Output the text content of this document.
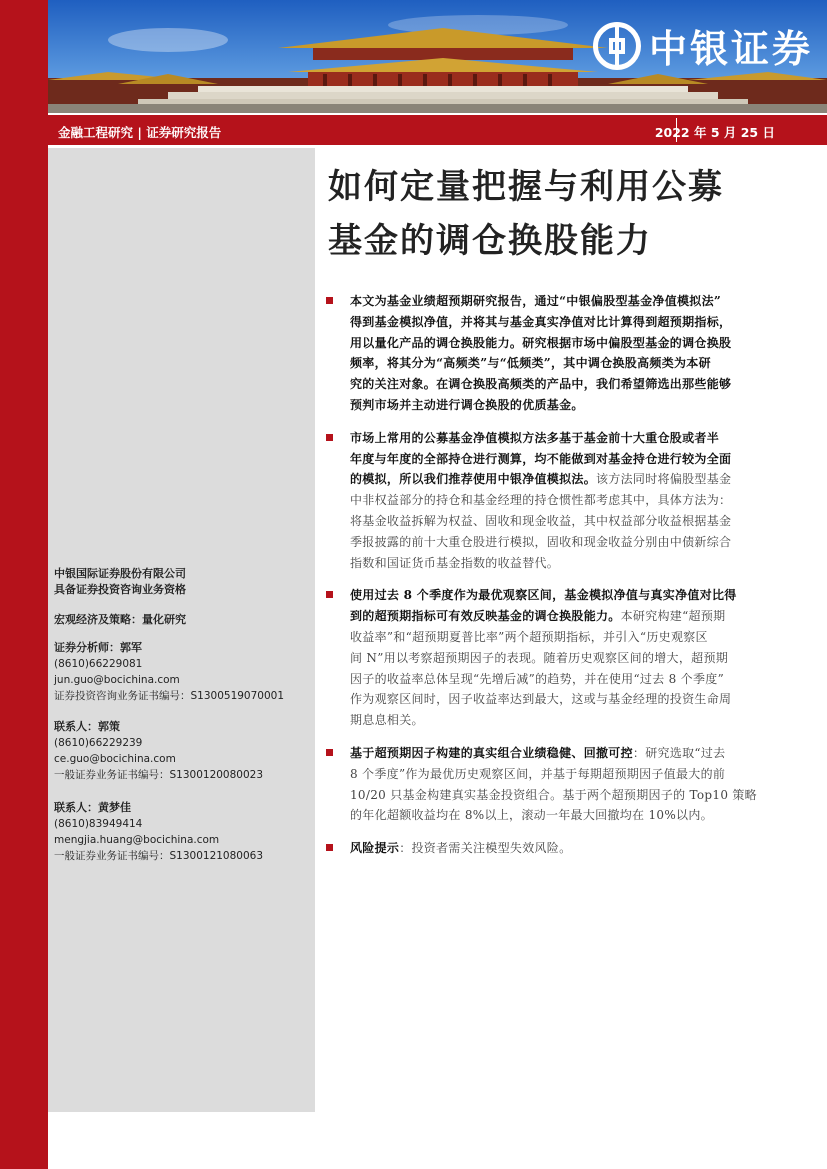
中银证券
金融工程研究 | 证券研究报告	2022 年 5 月 25 日
中银国际证券股份有限公司
具备证券投资咨询业务资格
宏观经济及策略：量化研究
证券分析师：郭军
(8610)66229081
jun.guo@bocichina.com
证券投资咨询业务证书编号：S1300519070001
联系人：郭策
(8610)66229239
ce.guo@bocichina.com
一般证券业务证书编号：S1300120080023
联系人：黄梦佳
(8610)83949414
mengjia.huang@bocichina.com
一般证券业务证书编号：S1300121080063
如何定量把握与利用公募
基金的调仓换股能力
本文为基金业绩超预期研究报告，通过“中银偏股型基金净值模拟法”
得到基金模拟净值，并将其与基金真实净值对比计算得到超预期指标，
用以量化产品的调仓换股能力。研究根据市场中偏股型基金的调仓换股
频率，将其分为“高频类”与“低频类”，其中调仓换股高频类为本研
究的关注对象。在调仓换股高频类的产品中，我们希望筛选出那些能够
预判市场并主动进行调仓换股的优质基金。
市场上常用的公募基金净值模拟方法多基于基金前十大重仓股或者半
年度与年度的全部持仓进行测算，均不能做到对基金持仓进行较为全面
的模拟，所以我们推荐使用中银净值模拟法。该方法同时将偏股型基金
中非权益部分的持仓和基金经理的持仓惯性都考虑其中，具体方法为：
将基金收益拆解为权益、固收和现金收益，其中权益部分收益根据基金
季报披露的前十大重仓股进行模拟，固收和现金收益分别由中债新综合
指数和国证货币基金指数的收益替代。
使用过去 8 个季度作为最优观察区间，基金模拟净值与真实净值对比得
到的超预期指标可有效反映基金的调仓换股能力。本研究构建“超预期
收益率”和“超预期夏普比率”两个超预期指标，并引入“历史观察区
间 N”用以考察超预期因子的表现。随着历史观察区间的增大，超预期
因子的收益率总体呈现“先增后减”的趋势，并在使用“过去 8 个季度”
作为观察区间时，因子收益率达到最大，这或与基金经理的投资生命周
期息息相关。
基于超预期因子构建的真实组合业绩稳健、回撤可控：研究选取“过去
8 个季度”作为最优历史观察区间，并基于每期超预期因子值最大的前
10/20 只基金构建真实基金投资组合。基于两个超预期因子的 Top10 策略
的年化超额收益均在 8%以上，滚动一年最大回撤均在 10%以内。
风险提示：投资者需关注模型失效风险。
